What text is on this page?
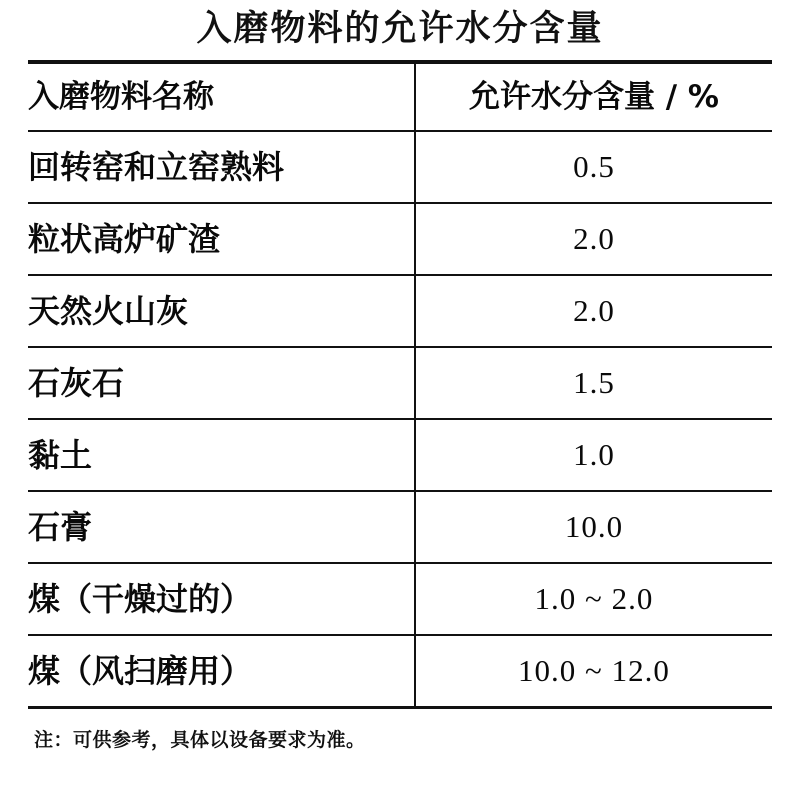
入磨物料的允许水分含量
入磨物料名称	允许水分含量 / %
回转窑和立窑熟料	0.5
粒状高炉矿渣	2.0
天然火山灰	2.0
石灰石	1.5
黏土	1.0
石膏	10.0
煤（干燥过的）	1.0 ~ 2.0
煤（风扫磨用）	10.0 ~ 12.0
注：可供参考，具体以设备要求为准。
